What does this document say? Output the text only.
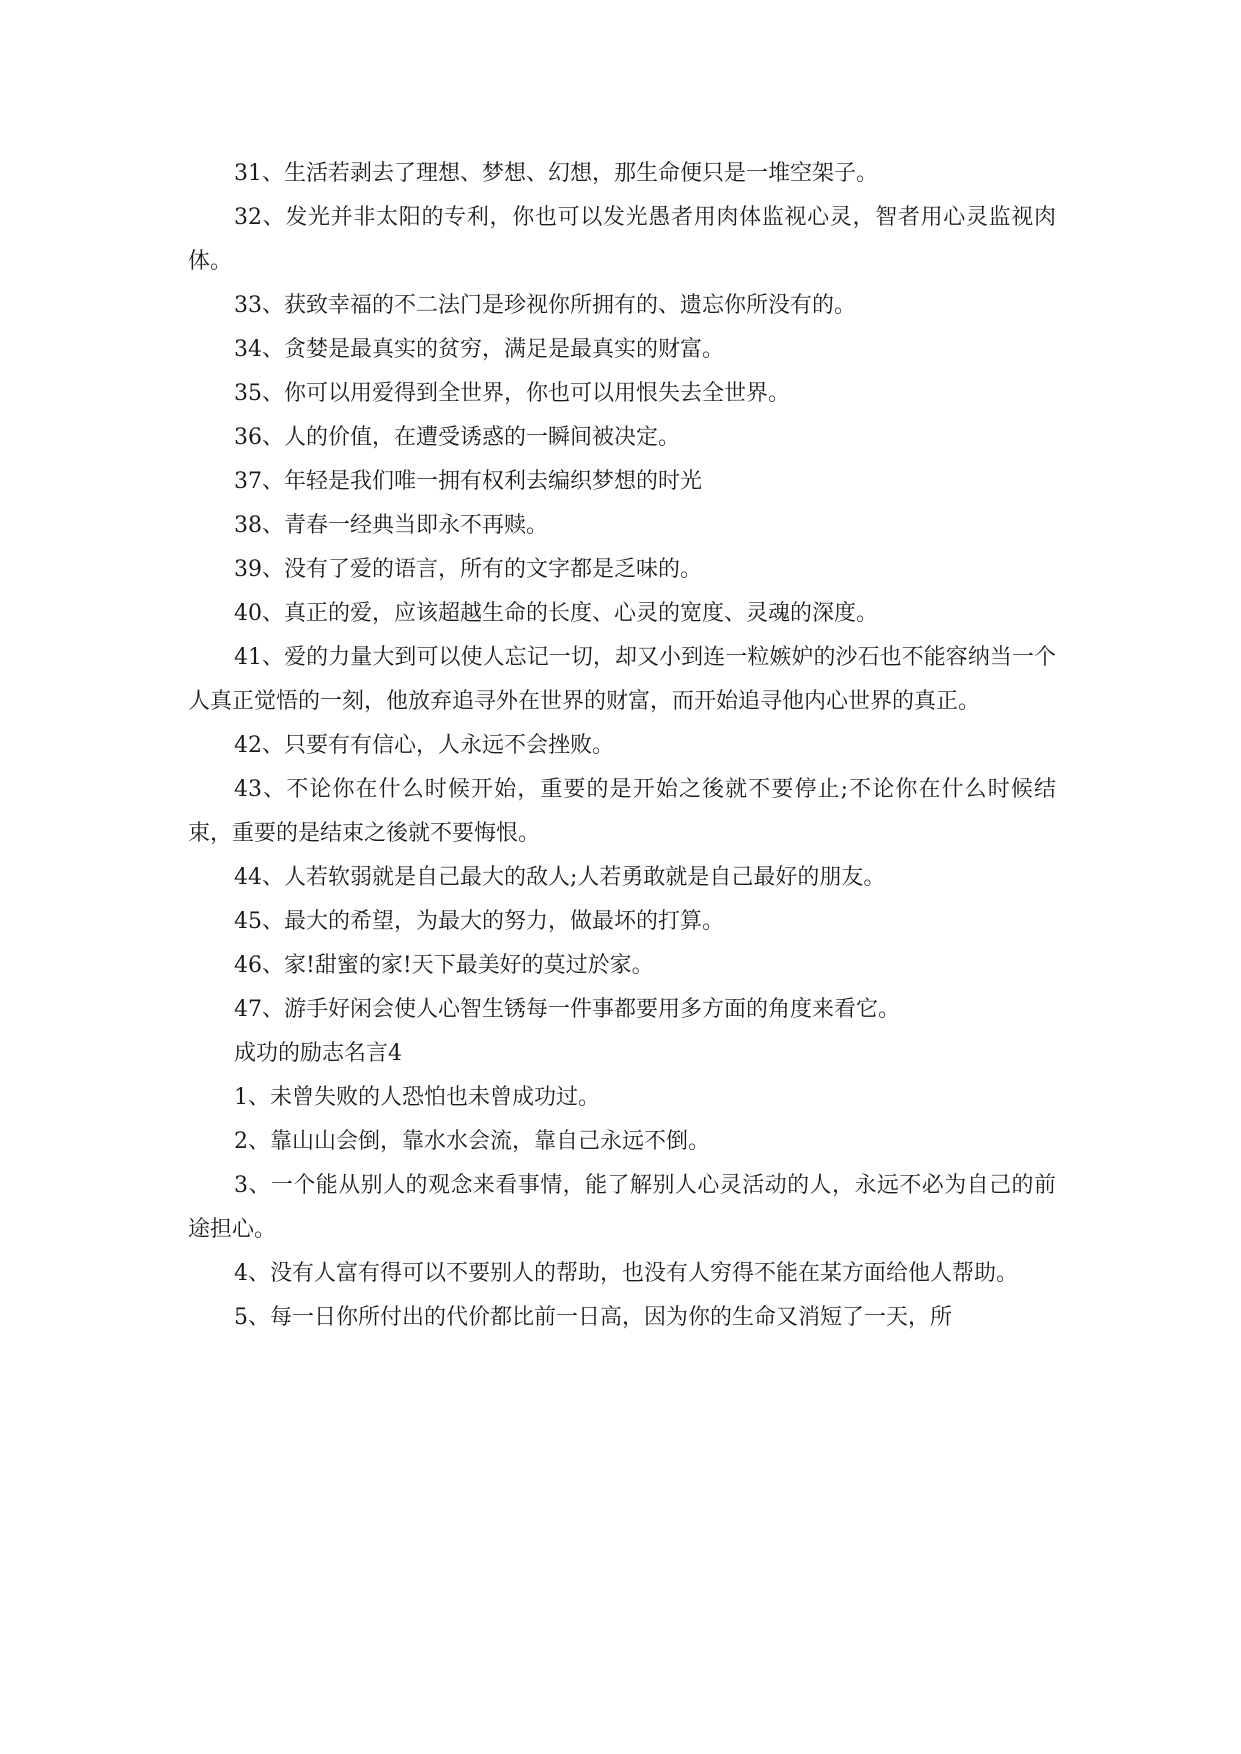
31、生活若剥去了理想、梦想、幻想，那生命便只是一堆空架子。

32、发光并非太阳的专利，你也可以发光愚者用肉体监视心灵，智者用心灵监视肉体。

33、获致幸福的不二法门是珍视你所拥有的、遗忘你所没有的。

34、贪婪是最真实的贫穷，满足是最真实的财富。

35、你可以用爱得到全世界，你也可以用恨失去全世界。

36、人的价值，在遭受诱惑的一瞬间被决定。

37、年轻是我们唯一拥有权利去编织梦想的时光

38、青春一经典当即永不再赎。

39、没有了爱的语言，所有的文字都是乏味的。

40、真正的爱，应该超越生命的长度、心灵的宽度、灵魂的深度。

41、爱的力量大到可以使人忘记一切，却又小到连一粒嫉妒的沙石也不能容纳当一个人真正觉悟的一刻，他放弃追寻外在世界的财富，而开始追寻他内心世界的真正。

42、只要有有信心，人永远不会挫败。

43、不论你在什么时候开始，重要的是开始之後就不要停止;不论你在什么时候结束，重要的是结束之後就不要悔恨。

44、人若软弱就是自己最大的敌人;人若勇敢就是自己最好的朋友。

45、最大的希望，为最大的努力，做最坏的打算。

46、家!甜蜜的家!天下最美好的莫过於家。

47、游手好闲会使人心智生锈每一件事都要用多方面的角度来看它。

成功的励志名言4

1、未曾失败的人恐怕也未曾成功过。

2、靠山山会倒，靠水水会流，靠自己永远不倒。

3、一个能从别人的观念来看事情，能了解别人心灵活动的人，永远不必为自己的前途担心。

4、没有人富有得可以不要别人的帮助，也没有人穷得不能在某方面给他人帮助。

5、每一日你所付出的代价都比前一日高，因为你的生命又消短了一天，所
